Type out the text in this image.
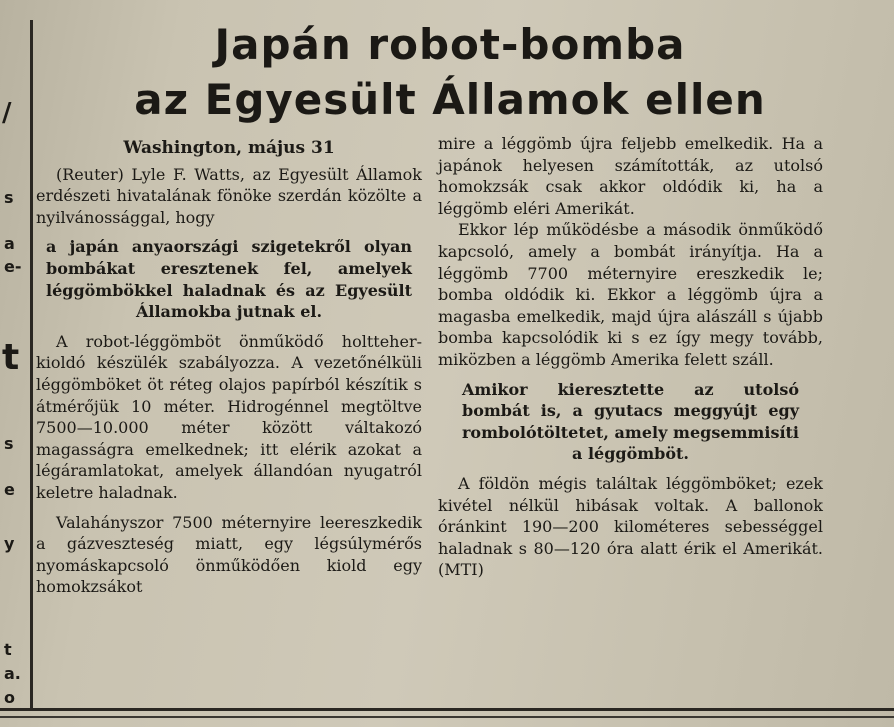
/
s
a
e-
t
s
e
y
t
a.
o
Japán robot-bomba
az Egyesült Államok ellen

Washington, május 31

(Reuter) Lyle F. Watts, az Egyesült Államok erdészeti hivatalának fönöke szerdán közölte a nyilvánossággal, hogy

a japán anyaországi szigetekről olyan bombákat eresztenek fel, amelyek léggömbökkel haladnak és az Egyesült Államokba jutnak el.

A robot-léggömböt önműködő holtteher-kioldó készülék szabályozza. A vezetőnélküli léggömböket öt réteg olajos papírból készítik s átmérőjük 10 méter. Hidrogénnel megtöltve 7500—10.000 méter között váltakozó magasságra emelkednek; itt elérik azokat a légáramlatokat, amelyek állandóan nyugatról keletre haladnak.

Valahányszor 7500 méternyire leereszkedik a gázveszteség miatt, egy légsúlymérős nyomáskapcsoló önműködően kiold egy homokzsákot

mire a léggömb újra feljebb emelkedik. Ha a japánok helyesen számították, az utolsó homokzsák csak akkor oldódik ki, ha a léggömb eléri Amerikát.

Ekkor lép működésbe a második önműködő kapcsoló, amely a bombát irányítja. Ha a léggömb 7700 méternyire ereszkedik le; bomba oldódik ki. Ekkor a léggömb újra a magasba emelkedik, majd újra alászáll s újabb bomba kapcsolódik ki s ez így megy tovább, miközben a léggömb Amerika felett száll.

Amikor kieresztette az utolsó bombát is, a gyutacs meggyújt egy rombolótöltetet, amely megsemmisíti a léggömböt.

A földön mégis találtak léggömböket; ezek kivétel nélkül hibásak voltak. A ballonok óránkint 190—200 kilométeres sebességgel haladnak s 80—120 óra alatt érik el Amerikát. (MTI)
